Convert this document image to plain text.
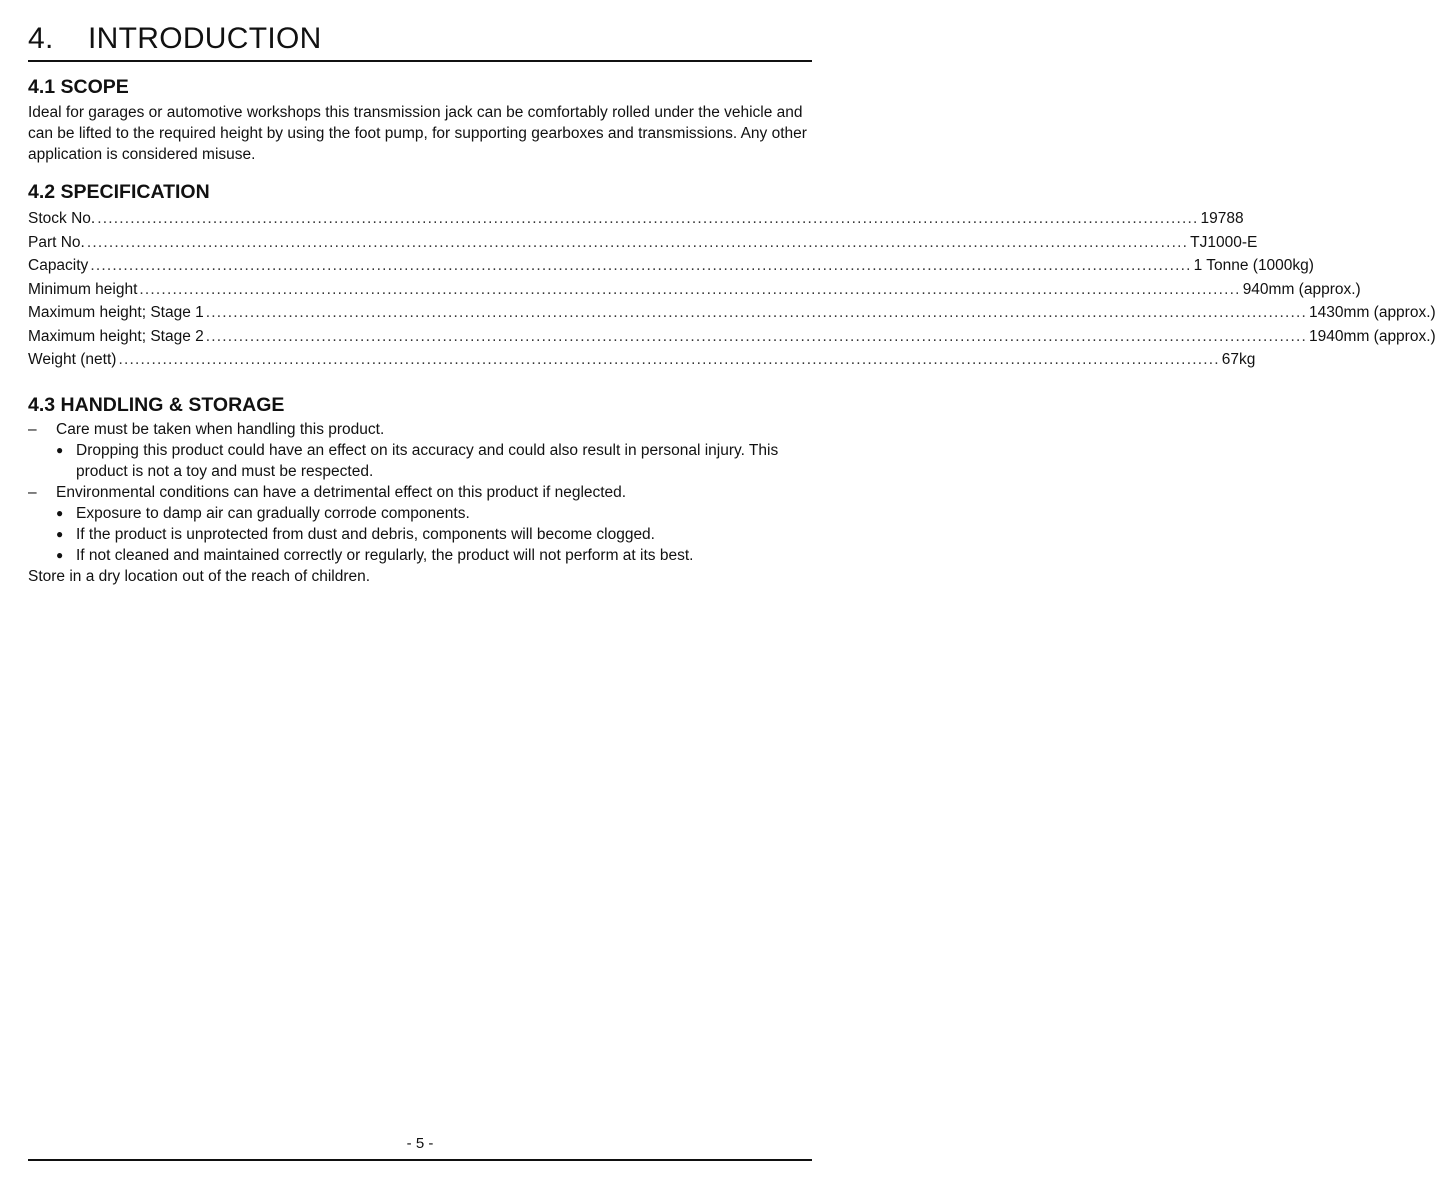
4. INTRODUCTION
4.1 SCOPE
Ideal for garages or automotive workshops this transmission jack can be comfortably rolled under the vehicle and can be lifted to the required height by using the foot pump, for supporting gearboxes and transmissions. Any other application is considered misuse.
4.2 SPECIFICATION
Stock No. ........................................................................................................................................................................................................ 19788
Part No. ........................................................................................................................................................................................................ TJ1000-E
Capacity ........................................................................................................................................................................................................ 1 Tonne (1000kg)
Minimum height ........................................................................................................................................................................................................ 940mm (approx.)
Maximum height; Stage 1 ........................................................................................................................................................................................................ 1430mm (approx.)
Maximum height; Stage 2 ........................................................................................................................................................................................................ 1940mm (approx.)
Weight (nett) ........................................................................................................................................................................................................ 67kg
4.3 HANDLING & STORAGE
–	Care must be taken when handling this product.
● Dropping this product could have an effect on its accuracy and could also result in personal injury. This product is not a toy and must be respected.
–	Environmental conditions can have a detrimental effect on this product if neglected.
● Exposure to damp air can gradually corrode components.
● If the product is unprotected from dust and debris, components will become clogged.
● If not cleaned and maintained correctly or regularly, the product will not perform at its best.
Store in a dry location out of the reach of children.
- 5 -
